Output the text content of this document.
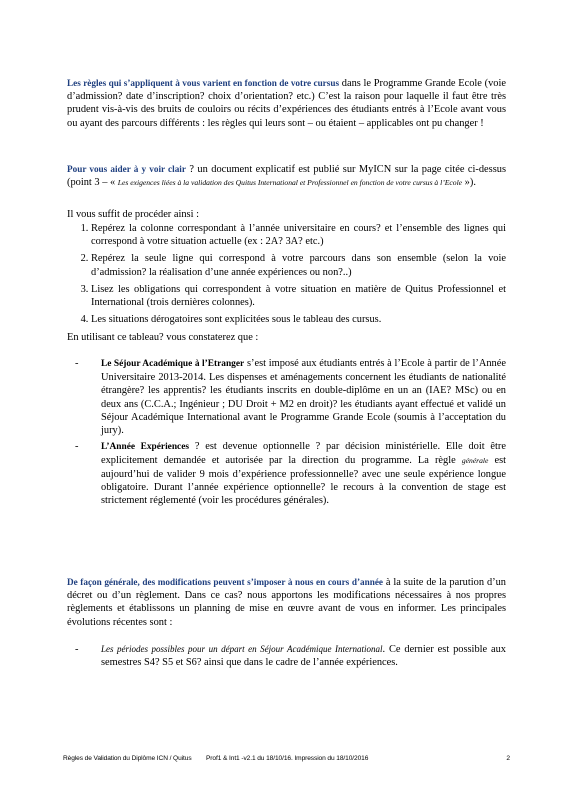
Les règles qui s’appliquent à vous varient en fonction de votre cursus dans le Programme Grande Ecole (voie d’admission? date d’inscription? choix d’orientation? etc.) C’est la raison pour laquelle il faut être très prudent vis-à-vis des bruits de couloirs ou récits d’expériences des étudiants entrés à l’Ecole avant vous ou ayant des parcours différents : les règles qui leurs sont – ou étaient – applicables ont pu changer !

Pour vous aider à y voir clair ? un document explicatif est publié sur MyICN sur la page citée ci-dessus (point 3 – « Les exigences liées à la validation des Quitus International et Professionnel en fonction de votre cursus à l’Ecole »).

Il vous suffit de procéder ainsi :

1. Repérez la colonne correspondant à l’année universitaire en cours? et l’ensemble des lignes qui correspond à votre situation actuelle (ex : 2A? 3A? etc.)
2. Repérez la seule ligne qui correspond à votre parcours dans son ensemble (selon la voie d’admission? la réalisation d’une année expériences ou non?..)
3. Lisez les obligations qui correspondent à votre situation en matière de Quitus Professionnel et International (trois dernières colonnes).
4. Les situations dérogatoires sont explicitées sous le tableau des cursus.

En utilisant ce tableau? vous constaterez que :

- Le Séjour Académique à l’Etranger s’est imposé aux étudiants entrés à l’Ecole à partir de l’Année Universitaire 2013-2014. Les dispenses et aménagements concernent les étudiants de nationalité étrangère? les apprentis? les étudiants inscrits en double-diplôme en un an (IAE? MSc) ou en deux ans (C.C.A.; Ingénieur ; DU Droit + M2 en droit)? les étudiants ayant effectué et validé un Séjour Académique International avant le Programme Grande Ecole (soumis à l’acceptation du jury).
- L’Année Expériences ? est devenue optionnelle ? par décision ministérielle. Elle doit être explicitement demandée et autorisée par la direction du programme. La règle générale est aujourd’hui de valider 9 mois d’expérience professionnelle? avec une seule expérience longue obligatoire. Durant l’année expérience optionnelle? le recours à la convention de stage est strictement réglementé (voir les procédures générales).

De façon générale, des modifications peuvent s’imposer à nous en cours d’année à la suite de la parution d’un décret ou d’un règlement. Dans ce cas? nous apportons les modifications nécessaires à nos propres règlements et établissons un planning de mise en œuvre avant de vous en informer. Les principales évolutions récentes sont :

- Les périodes possibles pour un départ en Séjour Académique International. Ce dernier est possible aux semestres S4? S5 et S6? ainsi que dans le cadre de l’année expériences.
Règles de Validation du Diplôme ICN / Quitus Prof1 & Int1 -v2.1 du 18/10/16. Impression du 18/10/2016	2
